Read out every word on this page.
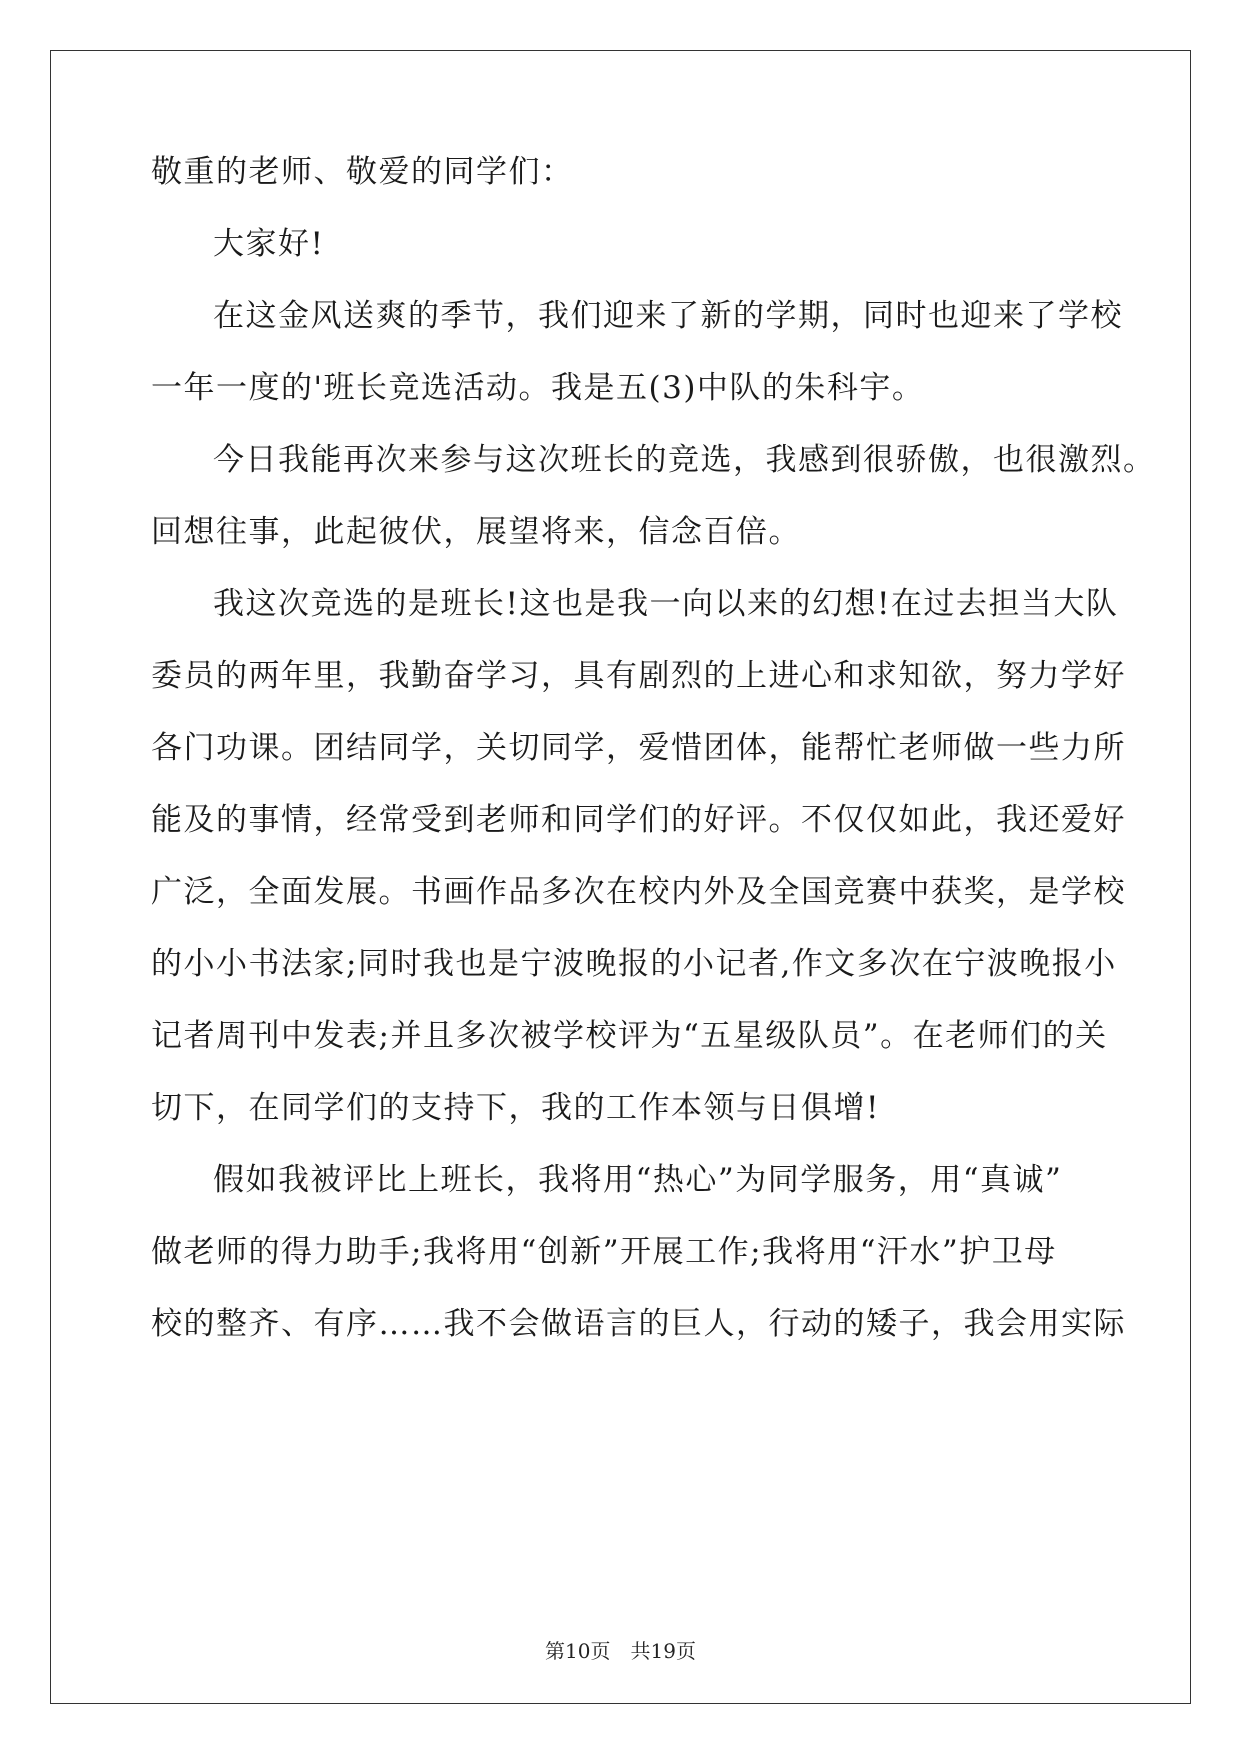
敬重的老师、敬爱的同学们：
大家好!
在这金风送爽的季节，我们迎来了新的学期，同时也迎来了学校
一年一度的'班长竞选活动。我是五(3)中队的朱科宇。
今日我能再次来参与这次班长的竞选，我感到很骄傲，也很激烈。
回想往事，此起彼伏，展望将来，信念百倍。
我这次竞选的是班长!这也是我一向以来的幻想!在过去担当大队
委员的两年里，我勤奋学习，具有剧烈的上进心和求知欲，努力学好
各门功课。团结同学，关切同学，爱惜团体，能帮忙老师做一些力所
能及的事情，经常受到老师和同学们的好评。不仅仅如此，我还爱好
广泛，全面发展。书画作品多次在校内外及全国竞赛中获奖，是学校
的小小书法家;同时我也是宁波晚报的小记者,作文多次在宁波晚报小
记者周刊中发表;并且多次被学校评为“五星级队员”。在老师们的关
切下，在同学们的支持下，我的工作本领与日俱增!
假如我被评比上班长，我将用“热心”为同学服务，用“真诚”
做老师的得力助手;我将用“创新”开展工作;我将用“汗水”护卫母
校的整齐、有序……我不会做语言的巨人，行动的矮子，我会用实际
第10页　共19页
